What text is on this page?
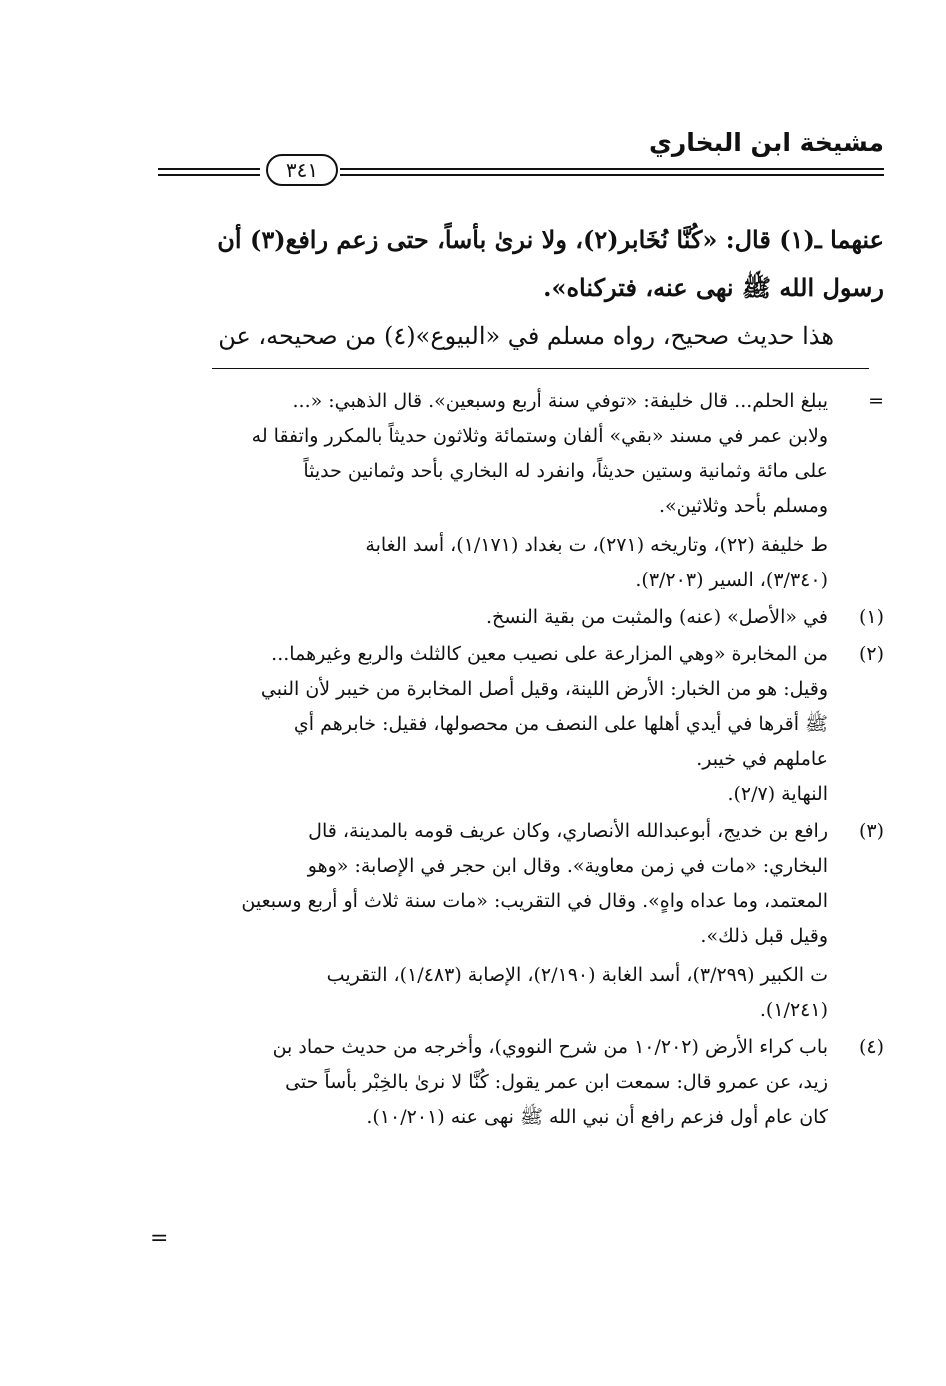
مشيخة ابن البخاري
٣٤١

عنهما ـ(١) قال: «كُنَّا نُخَابر(٢)، ولا نرىٰ بأساً، حتى زعم رافع(٣) أن

رسول الله ﷺ نهى عنه، فتركناه».

هذا حديث صحيح، رواه مسلم في «البيوع»(٤) من صحيحه، عن

=
يبلغ الحلم... قال خليفة: «توفي سنة أربع وسبعين». قال الذهبي: «...
ولابن عمر في مسند «بقي» ألفان وستمائة وثلاثون حديثاً بالمكرر واتفقا له
على مائة وثمانية وستين حديثاً، وانفرد له البخاري بأحد وثمانين حديثاً
ومسلم بأحد وثلاثين».
ط خليفة (٢٢)، وتاريخه (٢٧١)، ت بغداد (١/١٧١)، أسد الغابة
(٣/٣٤٠)، السير (٣/٢٠٣).
(١)
في «الأصل» (عنه) والمثبت من بقية النسخ.
(٢)
من المخابرة «وهي المزارعة على نصيب معين كالثلث والربع وغيرهما...
وقيل: هو من الخبار: الأرض اللينة، وقيل أصل المخابرة من خيبر لأن النبي
ﷺ أقرها في أيدي أهلها على النصف من محصولها، فقيل: خابرهم أي
عاملهم في خيبر.
النهاية (٢/٧).
(٣)
رافع بن خديج، أبوعبدالله الأنصاري، وكان عريف قومه بالمدينة، قال
البخاري: «مات في زمن معاوية». وقال ابن حجر في الإصابة: «وهو
المعتمد، وما عداه واهٍ». وقال في التقريب: «مات سنة ثلاث أو أربع وسبعين
وقيل قبل ذلك».
ت الكبير (٣/٢٩٩)، أسد الغابة (٢/١٩٠)، الإصابة (١/٤٨٣)، التقريب
(١/٢٤١).
(٤)
باب كراء الأرض (١٠/٢٠٢ من شرح النووي)، وأخرجه من حديث حماد بن
زيد، عن عمرو قال: سمعت ابن عمر يقول: كُنَّا لا نرىٰ بالخِبْر بأساً حتى
كان عام أول فزعم رافع أن نبي الله ﷺ نهى عنه (١٠/٢٠١).
=
